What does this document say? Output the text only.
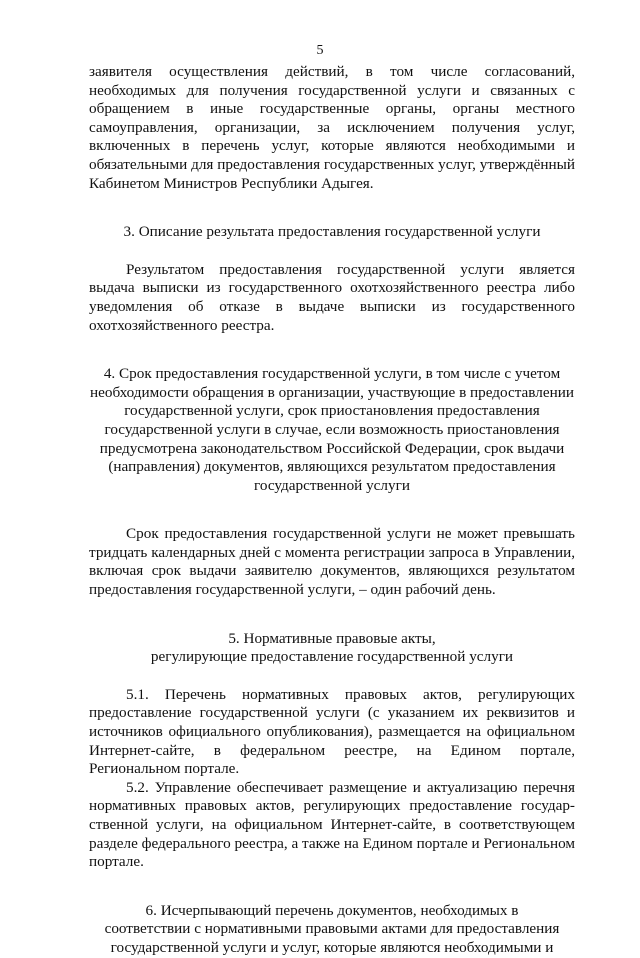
5
заявителя осуществления действий, в том числе согласований,
необходимых для получения государственной услуги и связанных с
обращением в иные государственные органы, органы местного
самоуправления, организации, за исключением получения услуг,
включенных в перечень услуг, которые являются необходимыми и
обязательными для предоставления государственных услуг, утверждённый
Кабинетом Министров Республики Адыгея.

3. Описание результата предоставления государственной услуги

Результатом предоставления государственной услуги является выдача выписки из государственного охотхозяйственного реестра либо уведомления об отказе в выдаче выписки из государственного охотхозяйственного реестра.

4. Срок предоставления государственной услуги, в том числе с учетом
необходимости обращения в организации, участвующие в предоставлении
государственной услуги, срок приостановления предоставления
государственной услуги в случае, если возможность приостановления
предусмотрена законодательством Российской Федерации, срок выдачи
(направления) документов, являющихся результатом предоставления
государственной услуги

Срок предоставления государственной услуги не может превышать тридцать календарных дней с момента регистрации запроса в Управлении, включая срок выдачи заявителю документов, являющихся результатом предоставления государственной услуги, – один рабочий день.

5. Нормативные правовые акты,
регулирующие предоставление государственной услуги

5.1. Перечень нормативных правовых актов, регулирующих предоставление государственной услуги (с указанием их реквизитов и источников официального опубликования), размещается на официальном Интернет-сайте, в федеральном реестре, на Едином портале, Региональном портале.

5.2. Управление обеспечивает размещение и актуализацию перечня нормативных правовых актов, регулирующих предоставление государ-ственной услуги, на официальном Интернет-сайте, в соответствующем разделе федерального реестра, а также на Едином портале и Региональном портале.

6. Исчерпывающий перечень документов, необходимых в
соответствии с нормативными правовыми актами для предоставления
государственной услуги и услуг, которые являются необходимыми и
